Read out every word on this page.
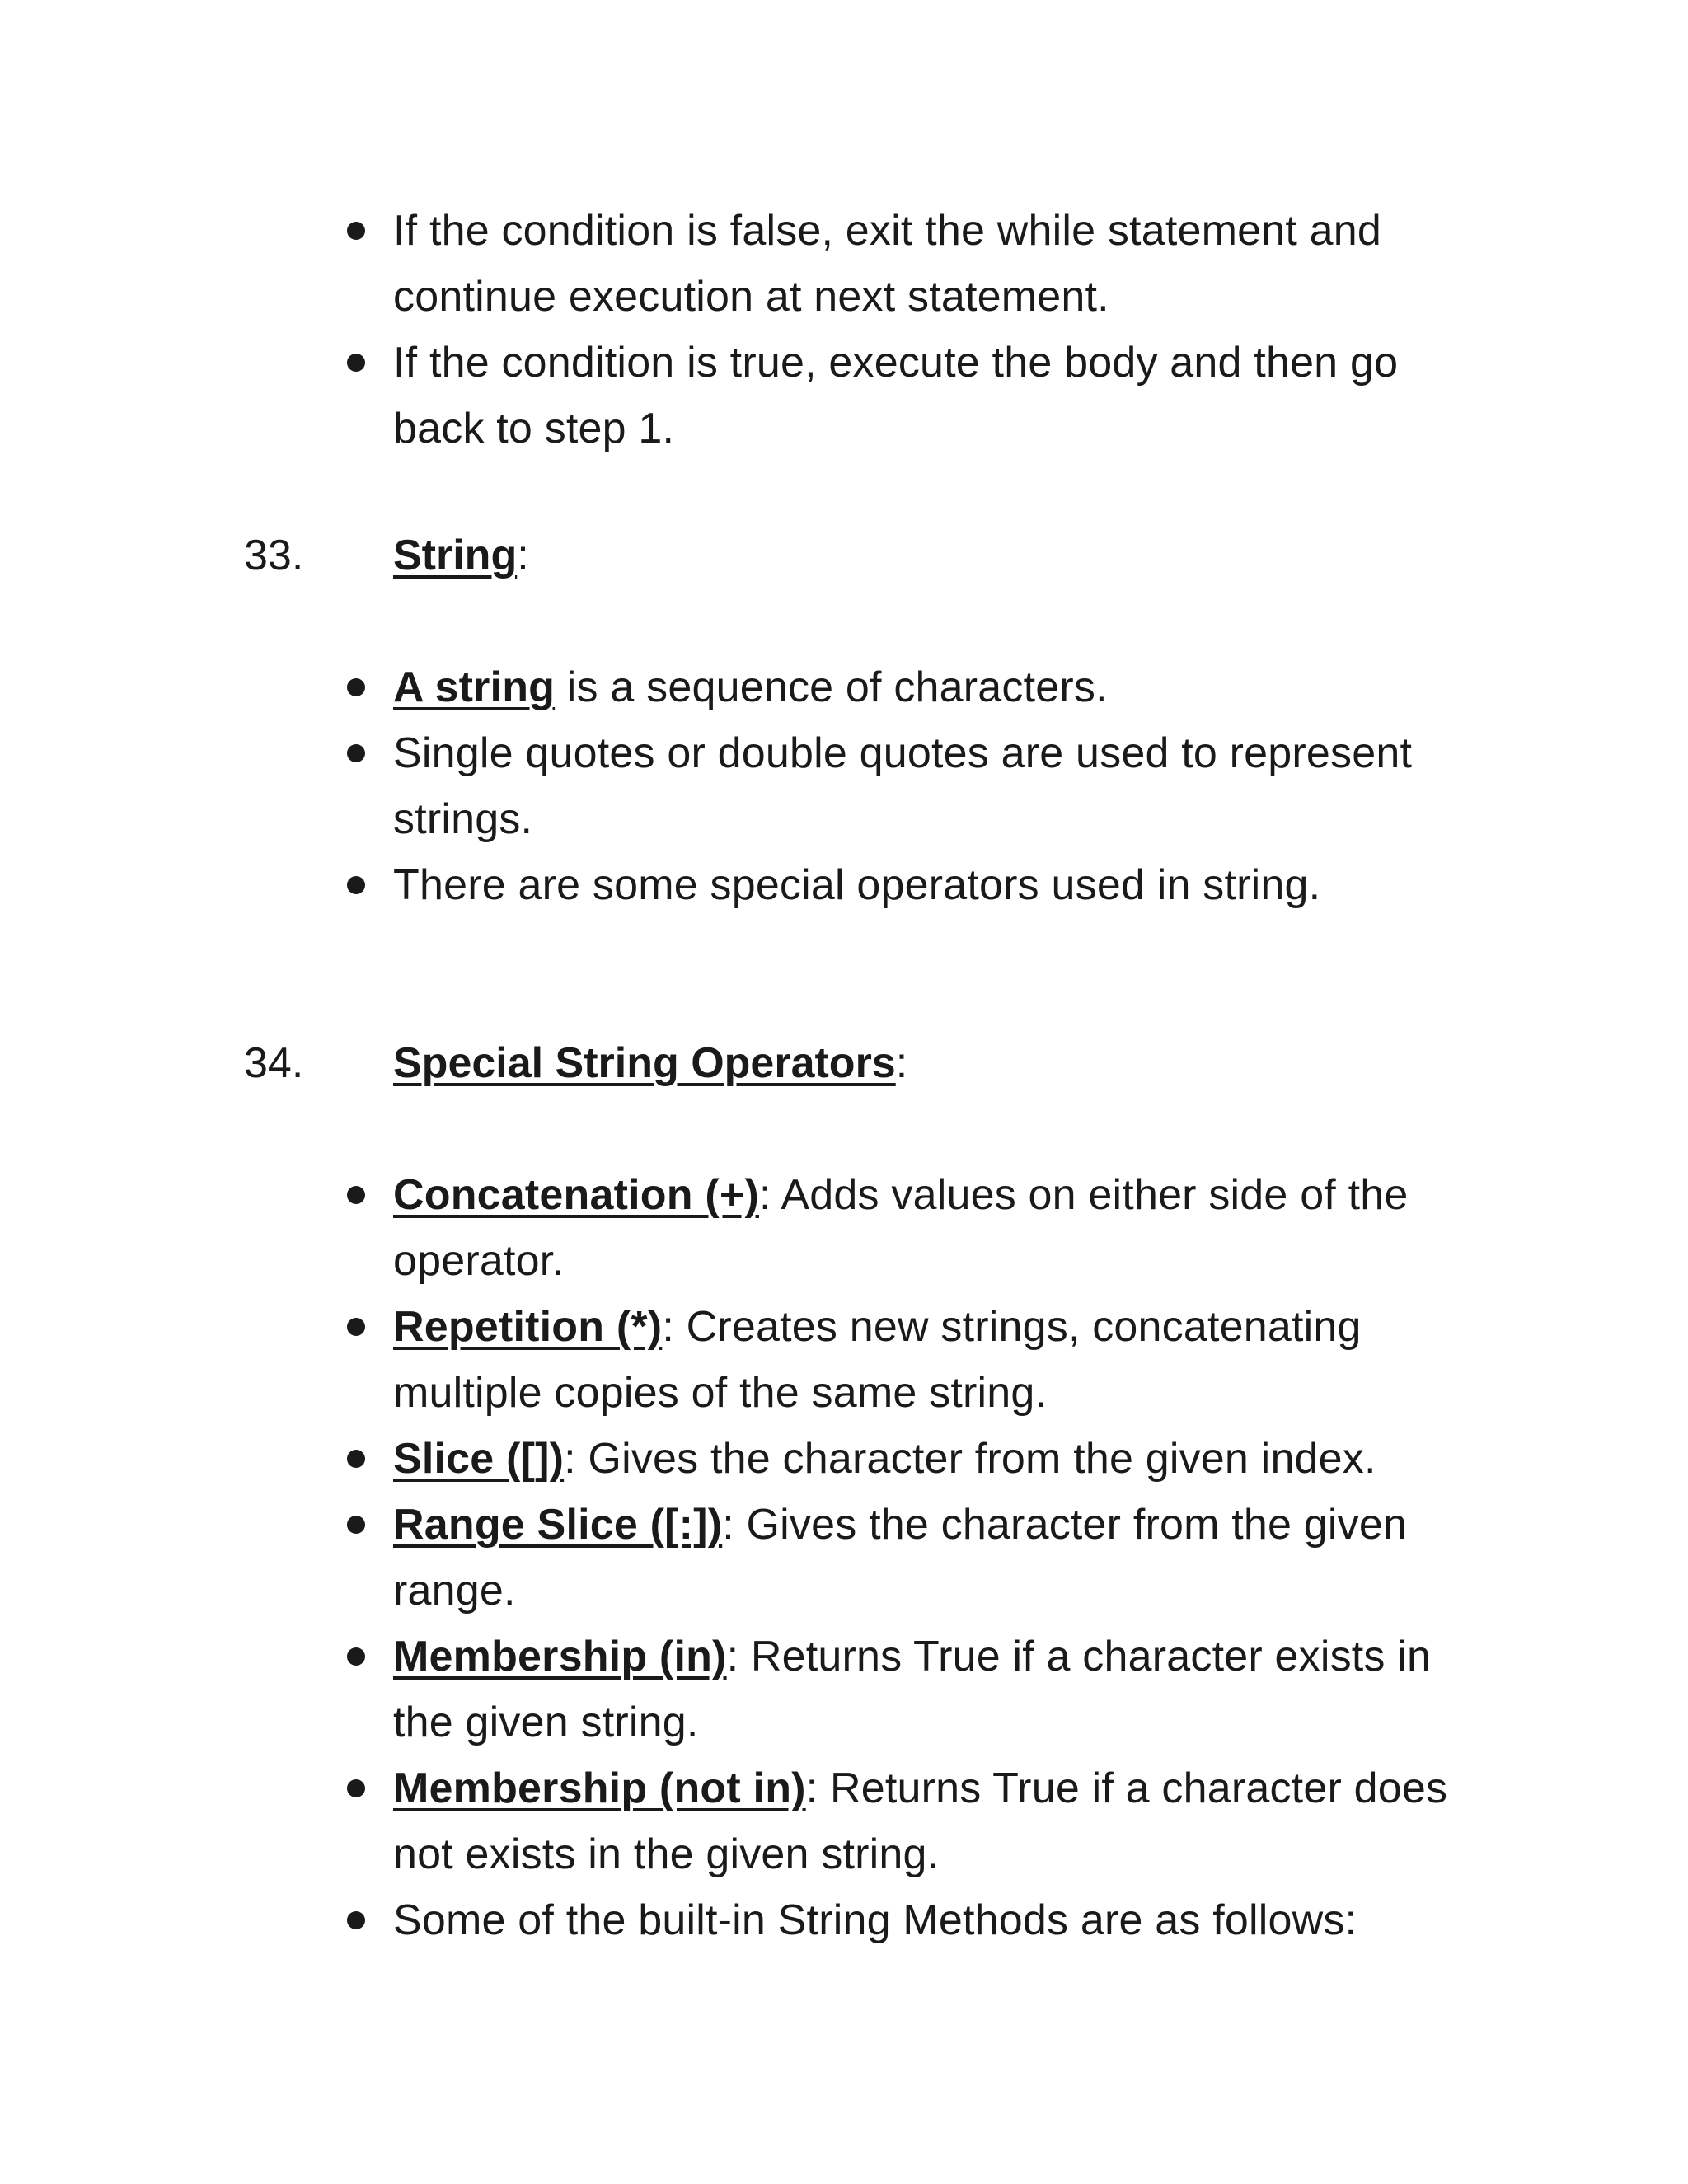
If the condition is false, exit the while statement and continue execution at next statement.
If the condition is true, execute the body and then go back to step 1.
33. String:
A string is a sequence of characters.
Single quotes or double quotes are used to represent strings.
There are some special operators used in string.
34. Special String Operators:
Concatenation (+): Adds values on either side of the operator.
Repetition (*): Creates new strings, concatenating multiple copies of the same string.
Slice ([]): Gives the character from the given index.
Range Slice ([:]): Gives the character from the given range.
Membership (in): Returns True if a character exists in the given string.
Membership (not in): Returns True if a character does not exists in the given string.
Some of the built-in String Methods are as follows:
